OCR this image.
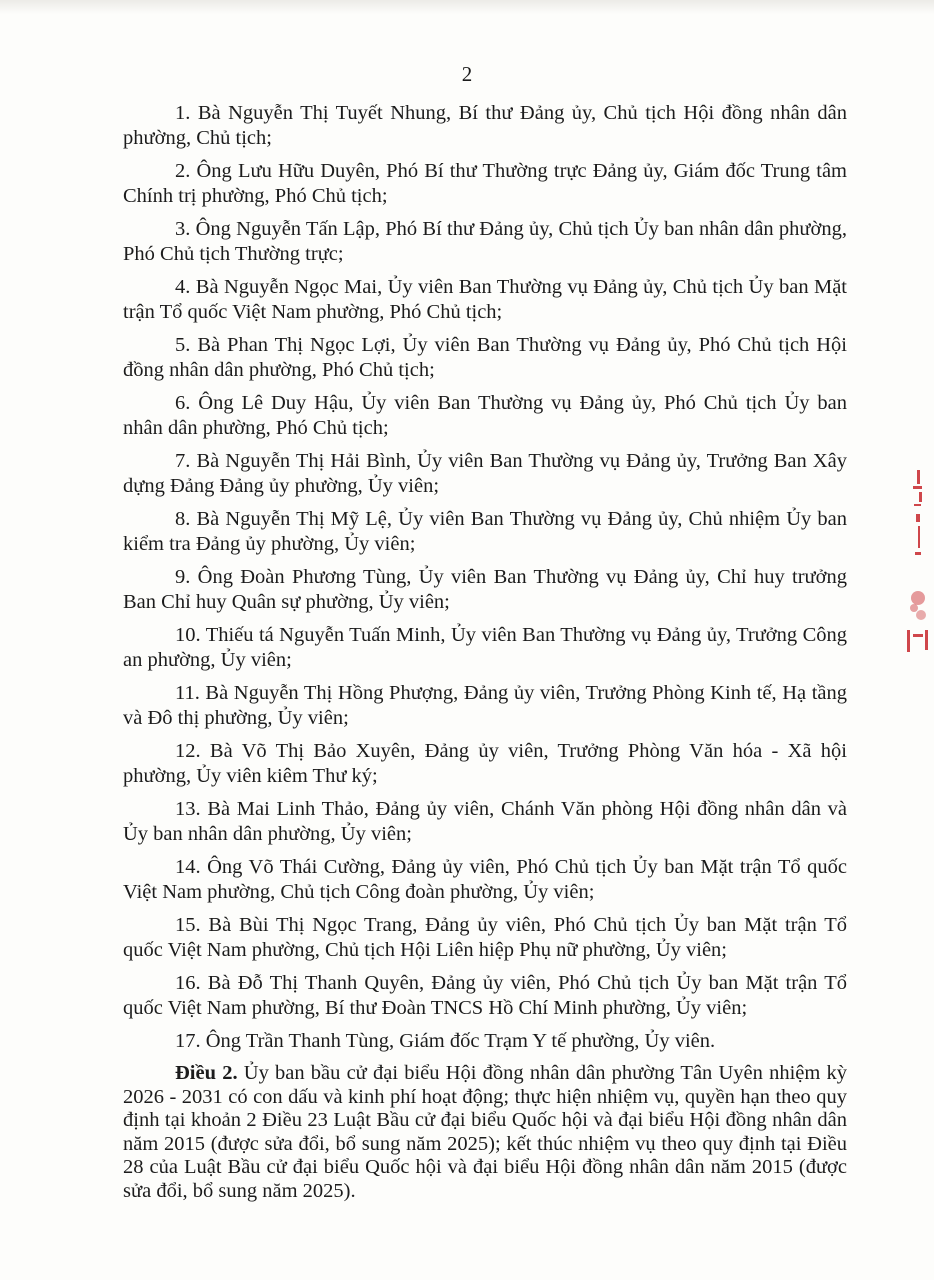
2

1. Bà Nguyễn Thị Tuyết Nhung, Bí thư Đảng ủy, Chủ tịch Hội đồng nhân dân phường, Chủ tịch;

2. Ông Lưu Hữu Duyên, Phó Bí thư Thường trực Đảng ủy, Giám đốc Trung tâm Chính trị phường, Phó Chủ tịch;

3. Ông Nguyễn Tấn Lập, Phó Bí thư Đảng ủy, Chủ tịch Ủy ban nhân dân phường, Phó Chủ tịch Thường trực;

4. Bà Nguyễn Ngọc Mai, Ủy viên Ban Thường vụ Đảng ủy, Chủ tịch Ủy ban Mặt trận Tổ quốc Việt Nam phường, Phó Chủ tịch;

5. Bà Phan Thị Ngọc Lợi, Ủy viên Ban Thường vụ Đảng ủy, Phó Chủ tịch Hội đồng nhân dân phường, Phó Chủ tịch;

6. Ông Lê Duy Hậu, Ủy viên Ban Thường vụ Đảng ủy, Phó Chủ tịch Ủy ban nhân dân phường, Phó Chủ tịch;

7. Bà Nguyễn Thị Hải Bình, Ủy viên Ban Thường vụ Đảng ủy, Trưởng Ban Xây dựng Đảng Đảng ủy phường, Ủy viên;

8. Bà Nguyễn Thị Mỹ Lệ, Ủy viên Ban Thường vụ Đảng ủy, Chủ nhiệm Ủy ban kiểm tra Đảng ủy phường, Ủy viên;

9. Ông Đoàn Phương Tùng, Ủy viên Ban Thường vụ Đảng ủy, Chỉ huy trưởng Ban Chỉ huy Quân sự phường, Ủy viên;

10. Thiếu tá Nguyễn Tuấn Minh, Ủy viên Ban Thường vụ Đảng ủy, Trưởng Công an phường, Ủy viên;

11. Bà Nguyễn Thị Hồng Phượng, Đảng ủy viên, Trưởng Phòng Kinh tế, Hạ tầng và Đô thị phường, Ủy viên;

12. Bà Võ Thị Bảo Xuyên, Đảng ủy viên, Trưởng Phòng Văn hóa - Xã hội phường, Ủy viên kiêm Thư ký;

13. Bà Mai Linh Thảo, Đảng ủy viên, Chánh Văn phòng Hội đồng nhân dân và Ủy ban nhân dân phường, Ủy viên;

14. Ông Võ Thái Cường, Đảng ủy viên, Phó Chủ tịch Ủy ban Mặt trận Tổ quốc Việt Nam phường, Chủ tịch Công đoàn phường, Ủy viên;

15. Bà Bùi Thị Ngọc Trang, Đảng ủy viên, Phó Chủ tịch Ủy ban Mặt trận Tổ quốc Việt Nam phường, Chủ tịch Hội Liên hiệp Phụ nữ phường, Ủy viên;

16. Bà Đỗ Thị Thanh Quyên, Đảng ủy viên, Phó Chủ tịch Ủy ban Mặt trận Tổ quốc Việt Nam phường, Bí thư Đoàn TNCS Hồ Chí Minh phường, Ủy viên;

17. Ông Trần Thanh Tùng, Giám đốc Trạm Y tế phường, Ủy viên.

Điều 2. Ủy ban bầu cử đại biểu Hội đồng nhân dân phường Tân Uyên nhiệm kỳ 2026 - 2031 có con dấu và kinh phí hoạt động; thực hiện nhiệm vụ, quyền hạn theo quy định tại khoản 2 Điều 23 Luật Bầu cử đại biểu Quốc hội và đại biểu Hội đồng nhân dân năm 2015 (được sửa đổi, bổ sung năm 2025); kết thúc nhiệm vụ theo quy định tại Điều 28 của Luật Bầu cử đại biểu Quốc hội và đại biểu Hội đồng nhân dân năm 2015 (được sửa đổi, bổ sung năm 2025).
